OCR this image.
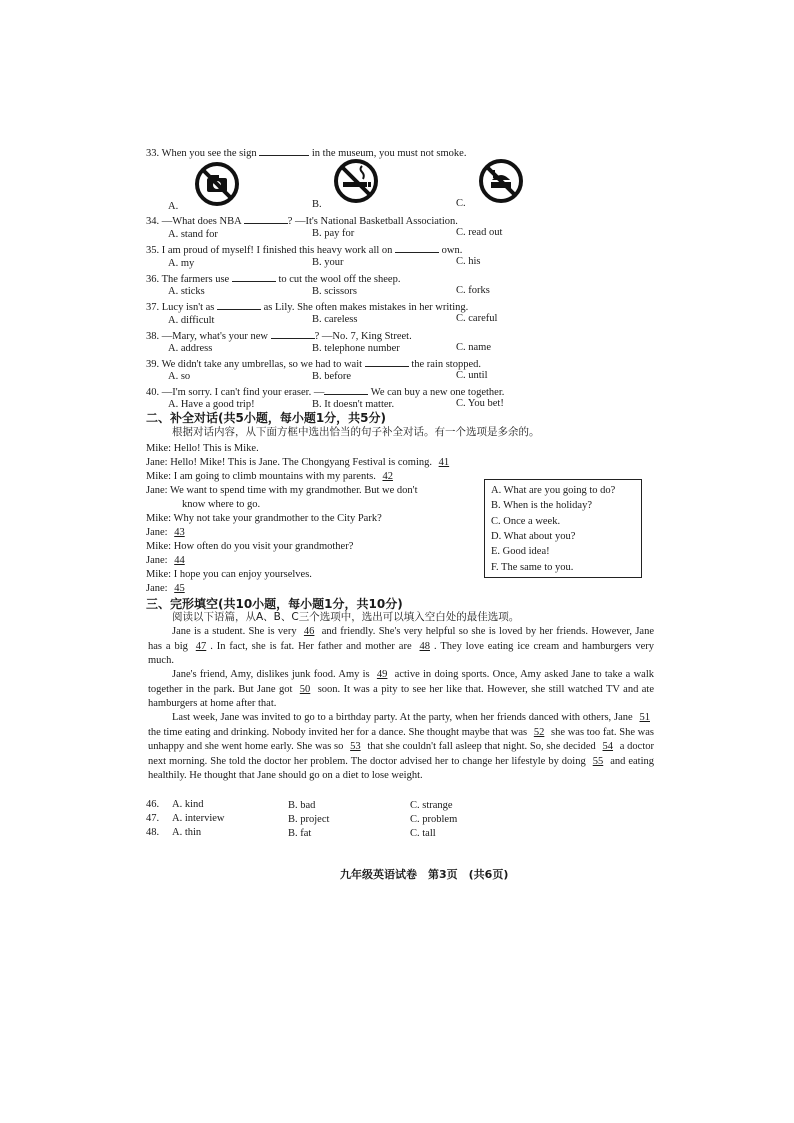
33. When you see the sign	in the museum, you must not smoke.
A.	B.	C.
34. —What does NBA	? —It's National Basketball Association.
A. stand for	B. pay for	C. read out
35. I am proud of myself! I finished this heavy work all on	own.
A. my	B. your	C. his
36. The farmers use	to cut the wool off the sheep.
A. sticks	B. scissors	C. forks
37. Lucy isn't as	as Lily. She often makes mistakes in her writing.
A. difficult	B. careless	C. careful
38. —Mary, what's your new	? —No. 7, King Street.
A. address	B. telephone number	C. name
39. We didn't take any umbrellas, so we had to wait	the rain stopped.
A. so	B. before	C. until
40. —I'm sorry. I can't find your eraser. —	We can buy a new one together.
A. Have a good trip!	B. It doesn't matter.	C. You bet!
二、补全对话(共5小题，每小题1分，共5分)
根据对话内容，从下面方框中选出恰当的句子补全对话。有一个选项是多余的。
Mike: Hello! This is Mike.
Jane: Hello! Mike! This is Jane. The Chongyang Festival is coming. 41
Mike: I am going to climb mountains with my parents. 42
Jane: We want to spend time with my grandmother. But we don't
know where to go.
Mike: Why not take your grandmother to the City Park?
Jane: 43
Mike: How often do you visit your grandmother?
Jane: 44
Mike: I hope you can enjoy yourselves.
Jane: 45
A. What are you going to do?
B. When is the holiday?
C. Once a week.
D. What about you?
E. Good idea!
F. The same to you.
三、完形填空(共10小题，每小题1分，共10分)
阅读以下语篇，从A、B、C三个选项中，选出可以填入空白处的最佳选项。
Jane is a student. She is very 46 and friendly. She's very helpful so she is loved by her friends. However, Jane has a big 47 . In fact, she is fat. Her father and mother are 48 . They love eating ice cream and hamburgers very much.
Jane's friend, Amy, dislikes junk food. Amy is 49 active in doing sports. Once, Amy asked Jane to take a walk together in the park. But Jane got 50 soon. It was a pity to see her like that. However, she still watched TV and ate hamburgers at home after that.
Last week, Jane was invited to go to a birthday party. At the party, when her friends danced with others, Jane 51 the time eating and drinking. Nobody invited her for a dance. She thought maybe that was 52 she was too fat. She was unhappy and she went home early. She was so 53 that she couldn't fall asleep that night. So, she decided 54 a doctor next morning. She told the doctor her problem. The doctor advised her to change her lifestyle by doing 55 and eating healthily. He thought that Jane should go on a diet to lose weight.
46. A. kind	B. bad	C. strange
47. A. interview	B. project	C. problem
48. A. thin	B. fat	C. tall
九年级英语试卷　第3页　(共6页)
